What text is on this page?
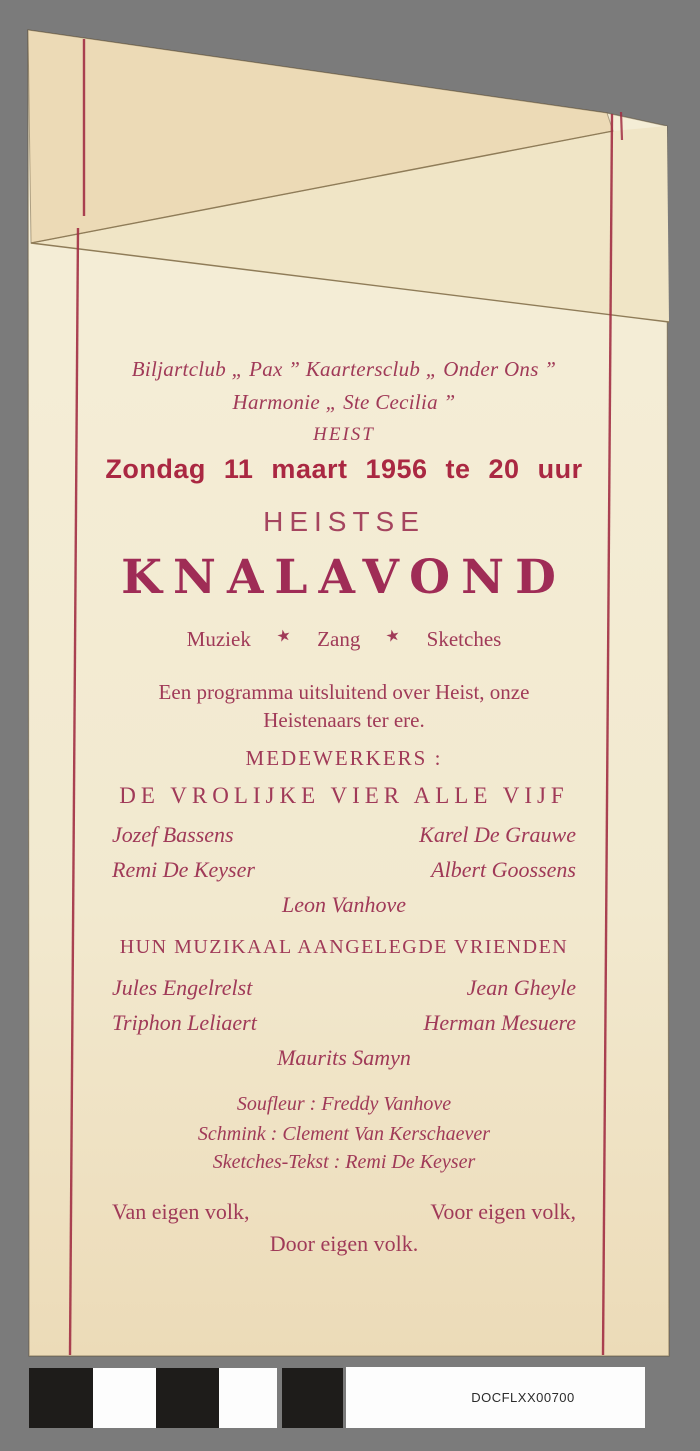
Biljartclub „ Pax ” Kaartersclub „ Onder Ons ”
Harmonie „ Ste Cecilia ”
HEIST
Zondag 11 maart 1956 te 20 uur
HEISTSE
KNALAVOND
Muziek ★ Zang ★ Sketches
Een programma uitsluitend over Heist, onze
Heistenaars ter ere.
MEDEWERKERS :
DE VROLIJKE VIER ALLE VIJF
Jozef Bassens	Karel De Grauwe
Remi De Keyser	Albert Goossens
Leon Vanhove
HUN MUZIKAAL AANGELEGDE VRIENDEN
Jules Engelrelst	Jean Gheyle
Triphon Leliaert	Herman Mesuere
Maurits Samyn
Soufleur : Freddy Vanhove
Schmink : Clement Van Kerschaever
Sketches-Tekst : Remi De Keyser
Van eigen volk,	Voor eigen volk,
Door eigen volk.
DOCFLXX00700
